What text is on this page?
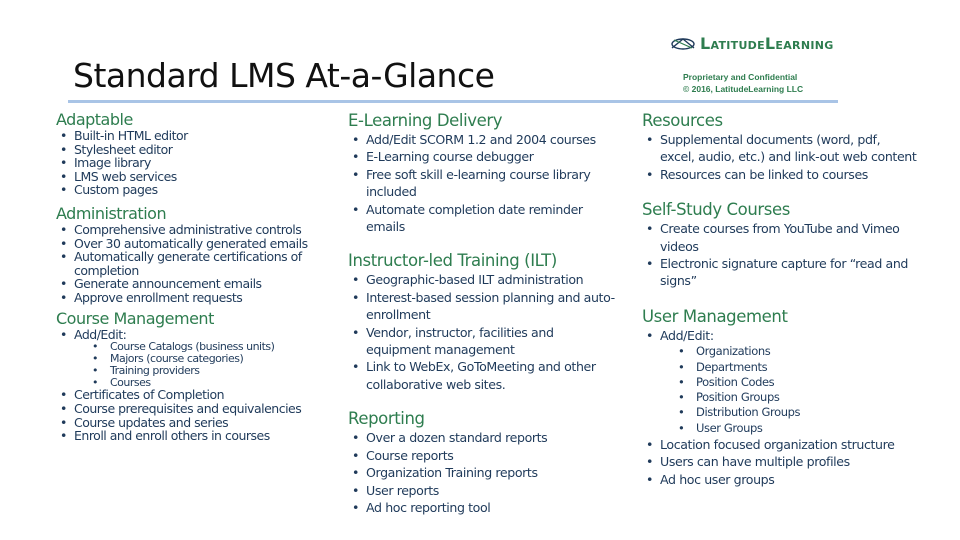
Standard LMS At-a-Glance
LatitudeLearning
Proprietary and Confidential
© 2016, LatitudeLearning LLC
Adaptable
• Built-in HTML editor
• Stylesheet editor
• Image library
• LMS web services
• Custom pages
Administration
• Comprehensive administrative controls
• Over 30 automatically generated emails
• Automatically generate certifications of completion
• Generate announcement emails
• Approve enrollment requests
Course Management
• Add/Edit:
• Course Catalogs (business units)
• Majors (course categories)
• Training providers
• Courses
• Certificates of Completion
• Course prerequisites and equivalencies
• Course updates and series
• Enroll and enroll others in courses
E-Learning Delivery
• Add/Edit SCORM 1.2 and 2004 courses
• E-Learning course debugger
• Free soft skill e-learning course library included
• Automate completion date reminder emails
Instructor-led Training (ILT)
• Geographic-based ILT administration
• Interest-based session planning and auto-enrollment
• Vendor, instructor, facilities and equipment management
• Link to WebEx, GoToMeeting and other collaborative web sites.
Reporting
• Over a dozen standard reports
• Course reports
• Organization Training reports
• User reports
• Ad hoc reporting tool
Resources
• Supplemental documents (word, pdf, excel, audio, etc.) and link-out web content
• Resources can be linked to courses
Self-Study Courses
• Create courses from YouTube and Vimeo videos
• Electronic signature capture for “read and signs”
User Management
• Add/Edit:
• Organizations
• Departments
• Position Codes
• Position Groups
• Distribution Groups
• User Groups
• Location focused organization structure
• Users can have multiple profiles
• Ad hoc user groups
